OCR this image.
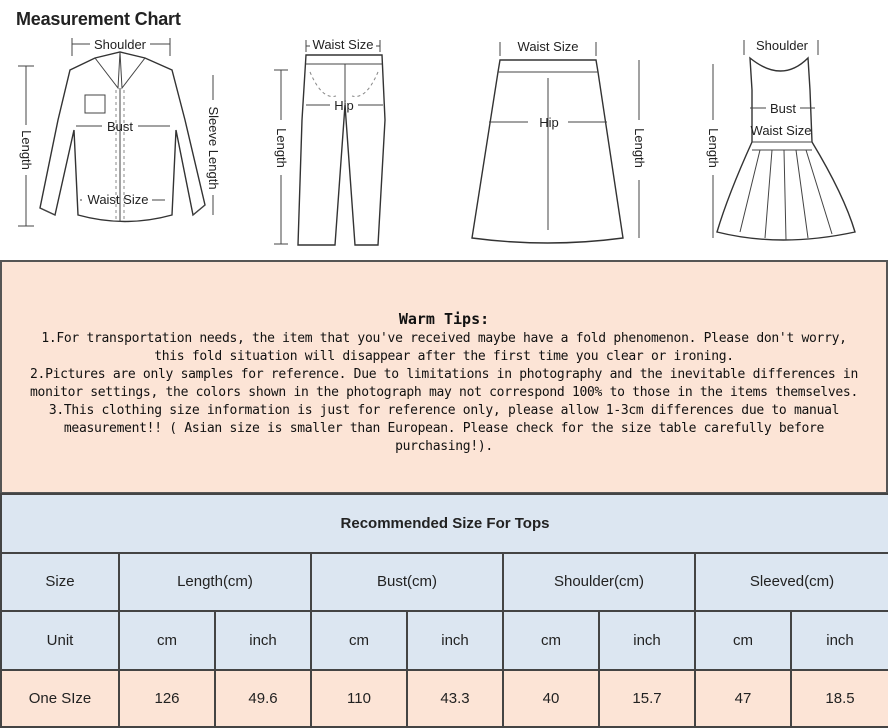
Measurement Chart
Shoulder
Bust
Waist Size
Length	Sleeve Length
Waist Size
Hip
Length
Waist Size
Hip
Length
Shoulder
Bust
Waist Size
Length
Warm Tips:
1.For transportation needs, the item that you've received maybe have a fold phenomenon. Please don't worry,
this fold situation will disappear after the first time you clear or ironing.
2.Pictures are only samples for reference. Due to limitations in photography and the inevitable differences in
monitor settings, the colors shown in the photograph may not correspond 100% to those in the items themselves.
3.This clothing size information is just for reference only, please allow 1-3cm differences due to manual
measurement!! ( Asian size is smaller than European. Please check for the size table carefully before
purchasing!).
Recommended Size For Tops								
Size	Length(cm)		Bust(cm)		Shoulder(cm)		Sleeved(cm)	
Unit	cm	inch	cm	inch	cm	inch	cm	inch
One SIze	126	49.6	110	43.3	40	15.7	47	18.5
